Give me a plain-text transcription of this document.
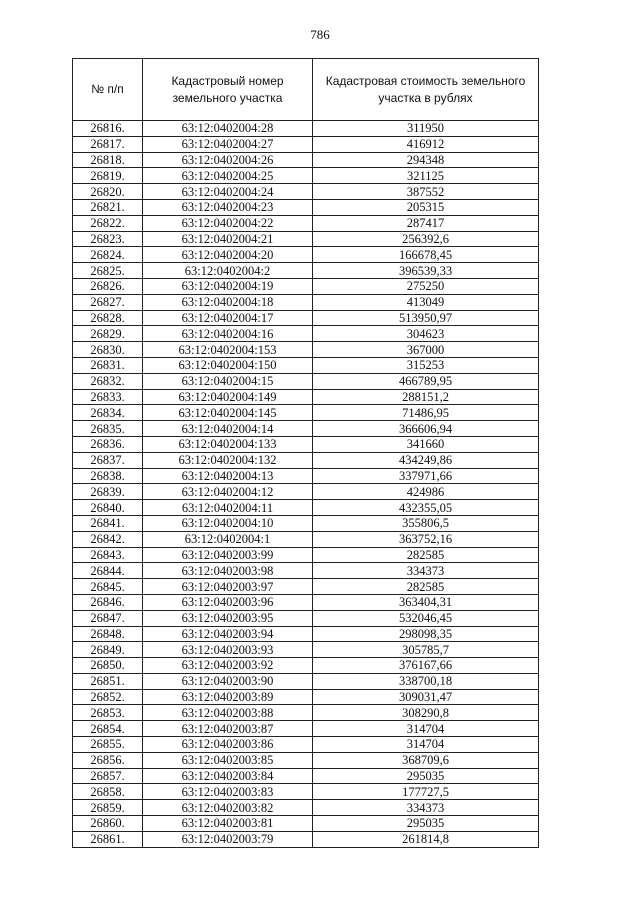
786
№ п/п	Кадастровый номер земельного участка	Кадастровая стоимость земельного участка в рублях
26816.	63:12:0402004:28	311950
26817.	63:12:0402004:27	416912
26818.	63:12:0402004:26	294348
26819.	63:12:0402004:25	321125
26820.	63:12:0402004:24	387552
26821.	63:12:0402004:23	205315
26822.	63:12:0402004:22	287417
26823.	63:12:0402004:21	256392,6
26824.	63:12:0402004:20	166678,45
26825.	63:12:0402004:2	396539,33
26826.	63:12:0402004:19	275250
26827.	63:12:0402004:18	413049
26828.	63:12:0402004:17	513950,97
26829.	63:12:0402004:16	304623
26830.	63:12:0402004:153	367000
26831.	63:12:0402004:150	315253
26832.	63:12:0402004:15	466789,95
26833.	63:12:0402004:149	288151,2
26834.	63:12:0402004:145	71486,95
26835.	63:12:0402004:14	366606,94
26836.	63:12:0402004:133	341660
26837.	63:12:0402004:132	434249,86
26838.	63:12:0402004:13	337971,66
26839.	63:12:0402004:12	424986
26840.	63:12:0402004:11	432355,05
26841.	63:12:0402004:10	355806,5
26842.	63:12:0402004:1	363752,16
26843.	63:12:0402003:99	282585
26844.	63:12:0402003:98	334373
26845.	63:12:0402003:97	282585
26846.	63:12:0402003:96	363404,31
26847.	63:12:0402003:95	532046,45
26848.	63:12:0402003:94	298098,35
26849.	63:12:0402003:93	305785,7
26850.	63:12:0402003:92	376167,66
26851.	63:12:0402003:90	338700,18
26852.	63:12:0402003:89	309031,47
26853.	63:12:0402003:88	308290,8
26854.	63:12:0402003:87	314704
26855.	63:12:0402003:86	314704
26856.	63:12:0402003:85	368709,6
26857.	63:12:0402003:84	295035
26858.	63:12:0402003:83	177727,5
26859.	63:12:0402003:82	334373
26860.	63:12:0402003:81	295035
26861.	63:12:0402003:79	261814,8
